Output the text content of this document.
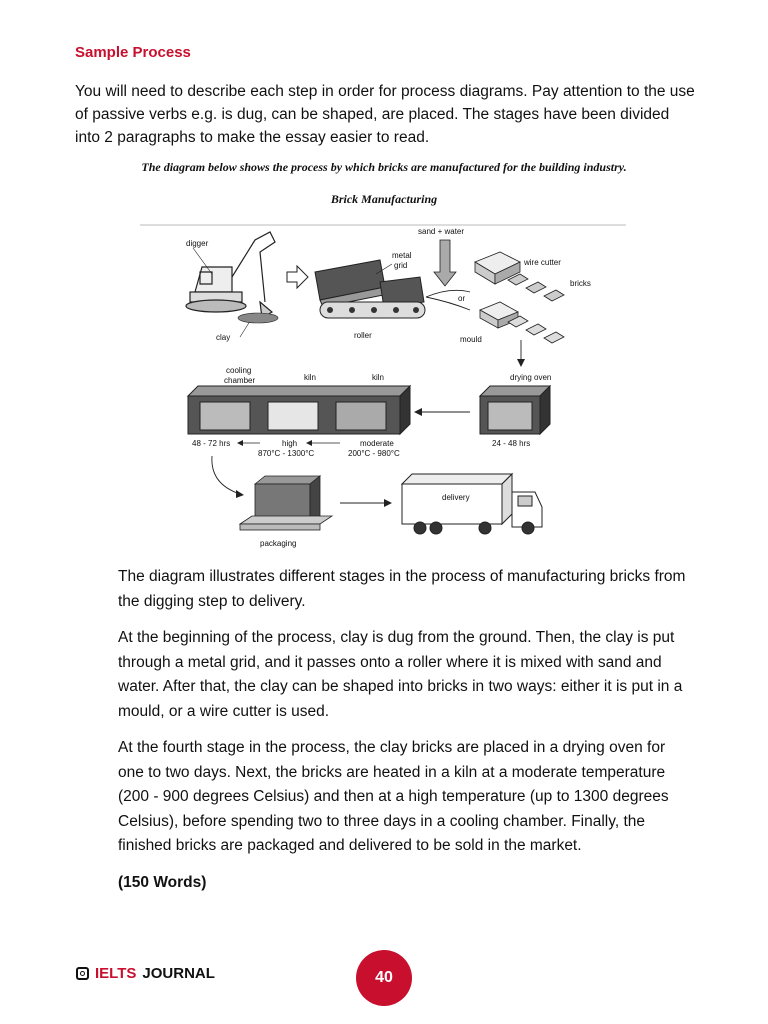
Sample Process
You will need to describe each step in order for process diagrams. Pay attention to the use of passive verbs e.g. is dug, can be shaped, are placed. The stages have been divided into 2 paragraphs to make the essay easier to read.
The diagram below shows the process by which bricks are manufactured for the building industry.
Brick Manufacturing
digger
clay
metal
grid
roller
sand + water
or
wire cutter
bricks
mould
cooling
chamber	kiln	kiln	drying oven
48 - 72 hrs	high
870°C - 1300°C
moderate
200°C - 980°C
24 - 48 hrs
packaging
delivery

The diagram illustrates different stages in the process of manufacturing bricks from the digging step to delivery.

At the beginning of the process, clay is dug from the ground. Then, the clay is put through a metal grid, and it passes onto a roller where it is mixed with sand and water. After that, the clay can be shaped into bricks in two ways: either it is put in a mould, or a wire cutter is used.

At the fourth stage in the process, the clay bricks are placed in a drying oven for one to two days. Next, the bricks are heated in a kiln at a moderate temperature (200 - 900 degrees Celsius) and then at a high temperature (up to 1300 degrees Celsius), before spending two to three days in a cooling chamber. Finally, the finished bricks are packaged and delivered to be sold in the market.

(150 Words)

IELTS JOURNAL	40
